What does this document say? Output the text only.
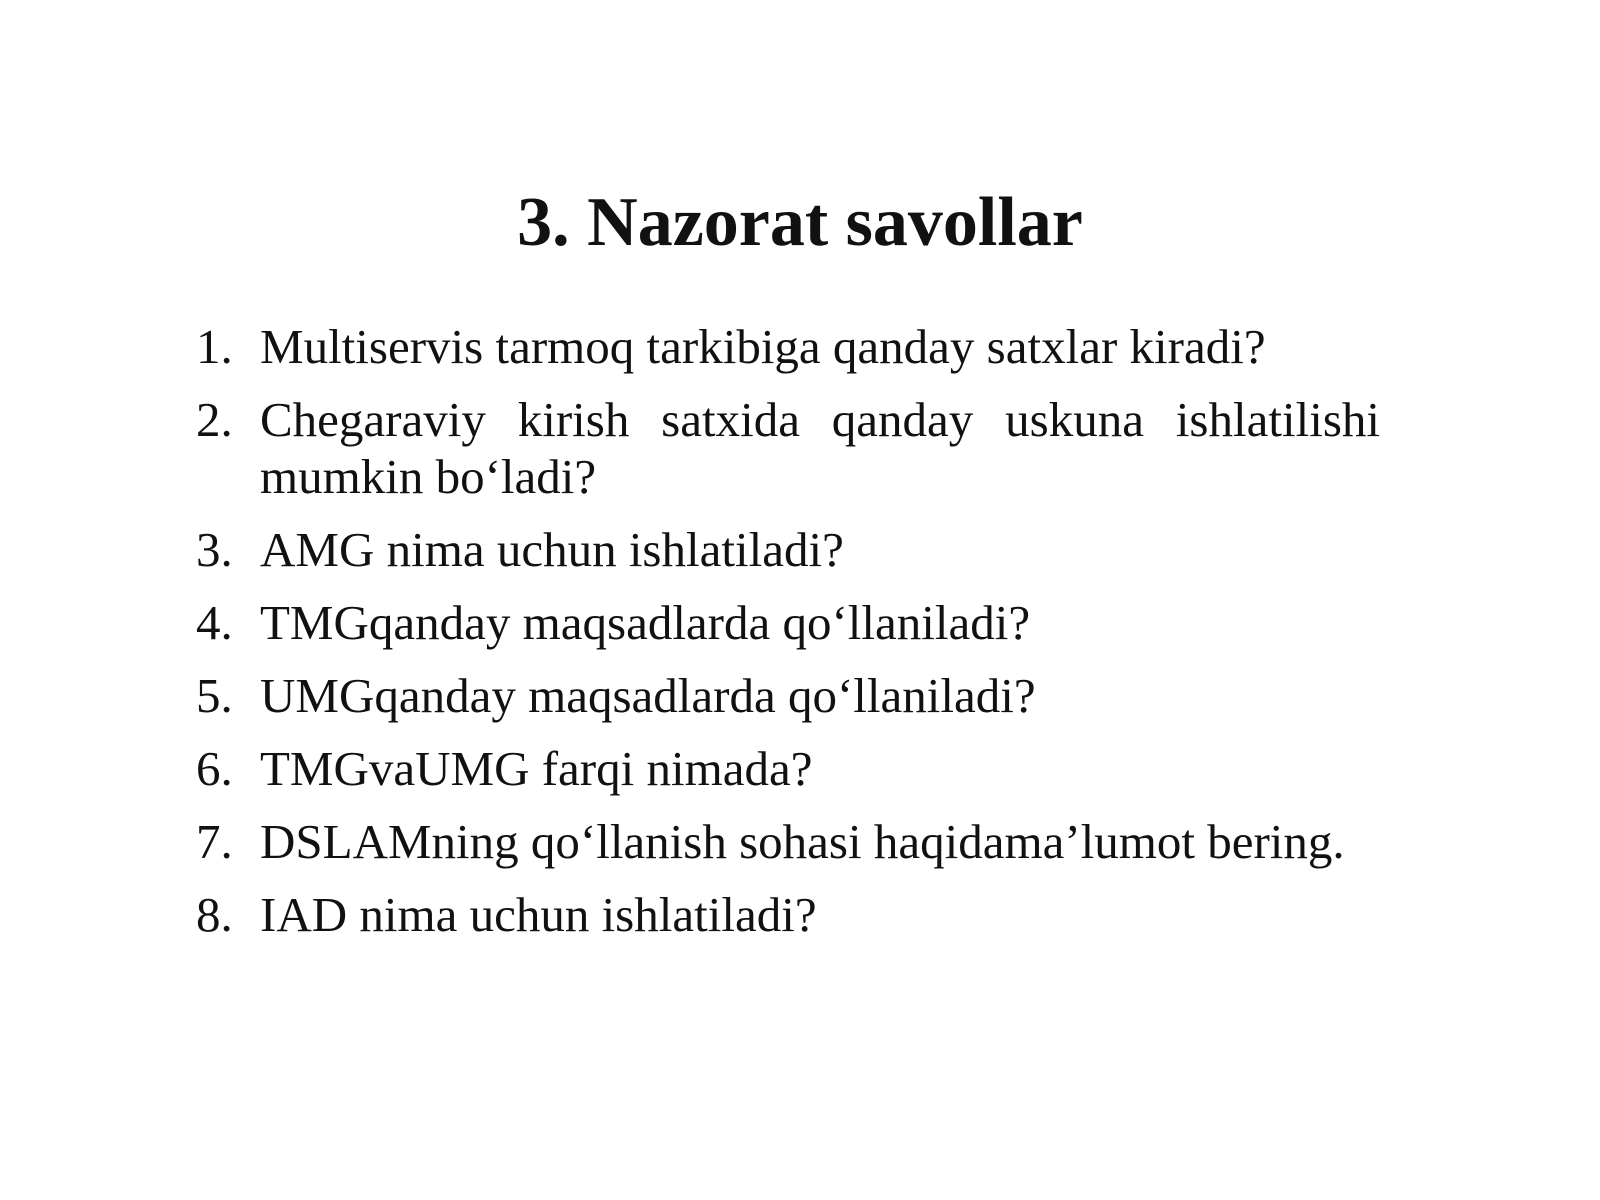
3. Nazorat savollar
1. Multiservis tarmoq tarkibiga qanday satxlar kiradi?
2. Chegaraviy kirish satxida qanday uskuna ishlatilishi mumkin bo‘ladi?
3. AMG nima uchun ishlatiladi?
4. TMGqanday maqsadlarda qo‘llaniladi?
5. UMGqanday maqsadlarda qo‘llaniladi?
6. TMGvaUMG farqi nimada?
7. DSLAMning qo‘llanish sohasi haqidama’lumot bering.
8. IAD nima uchun ishlatiladi?
